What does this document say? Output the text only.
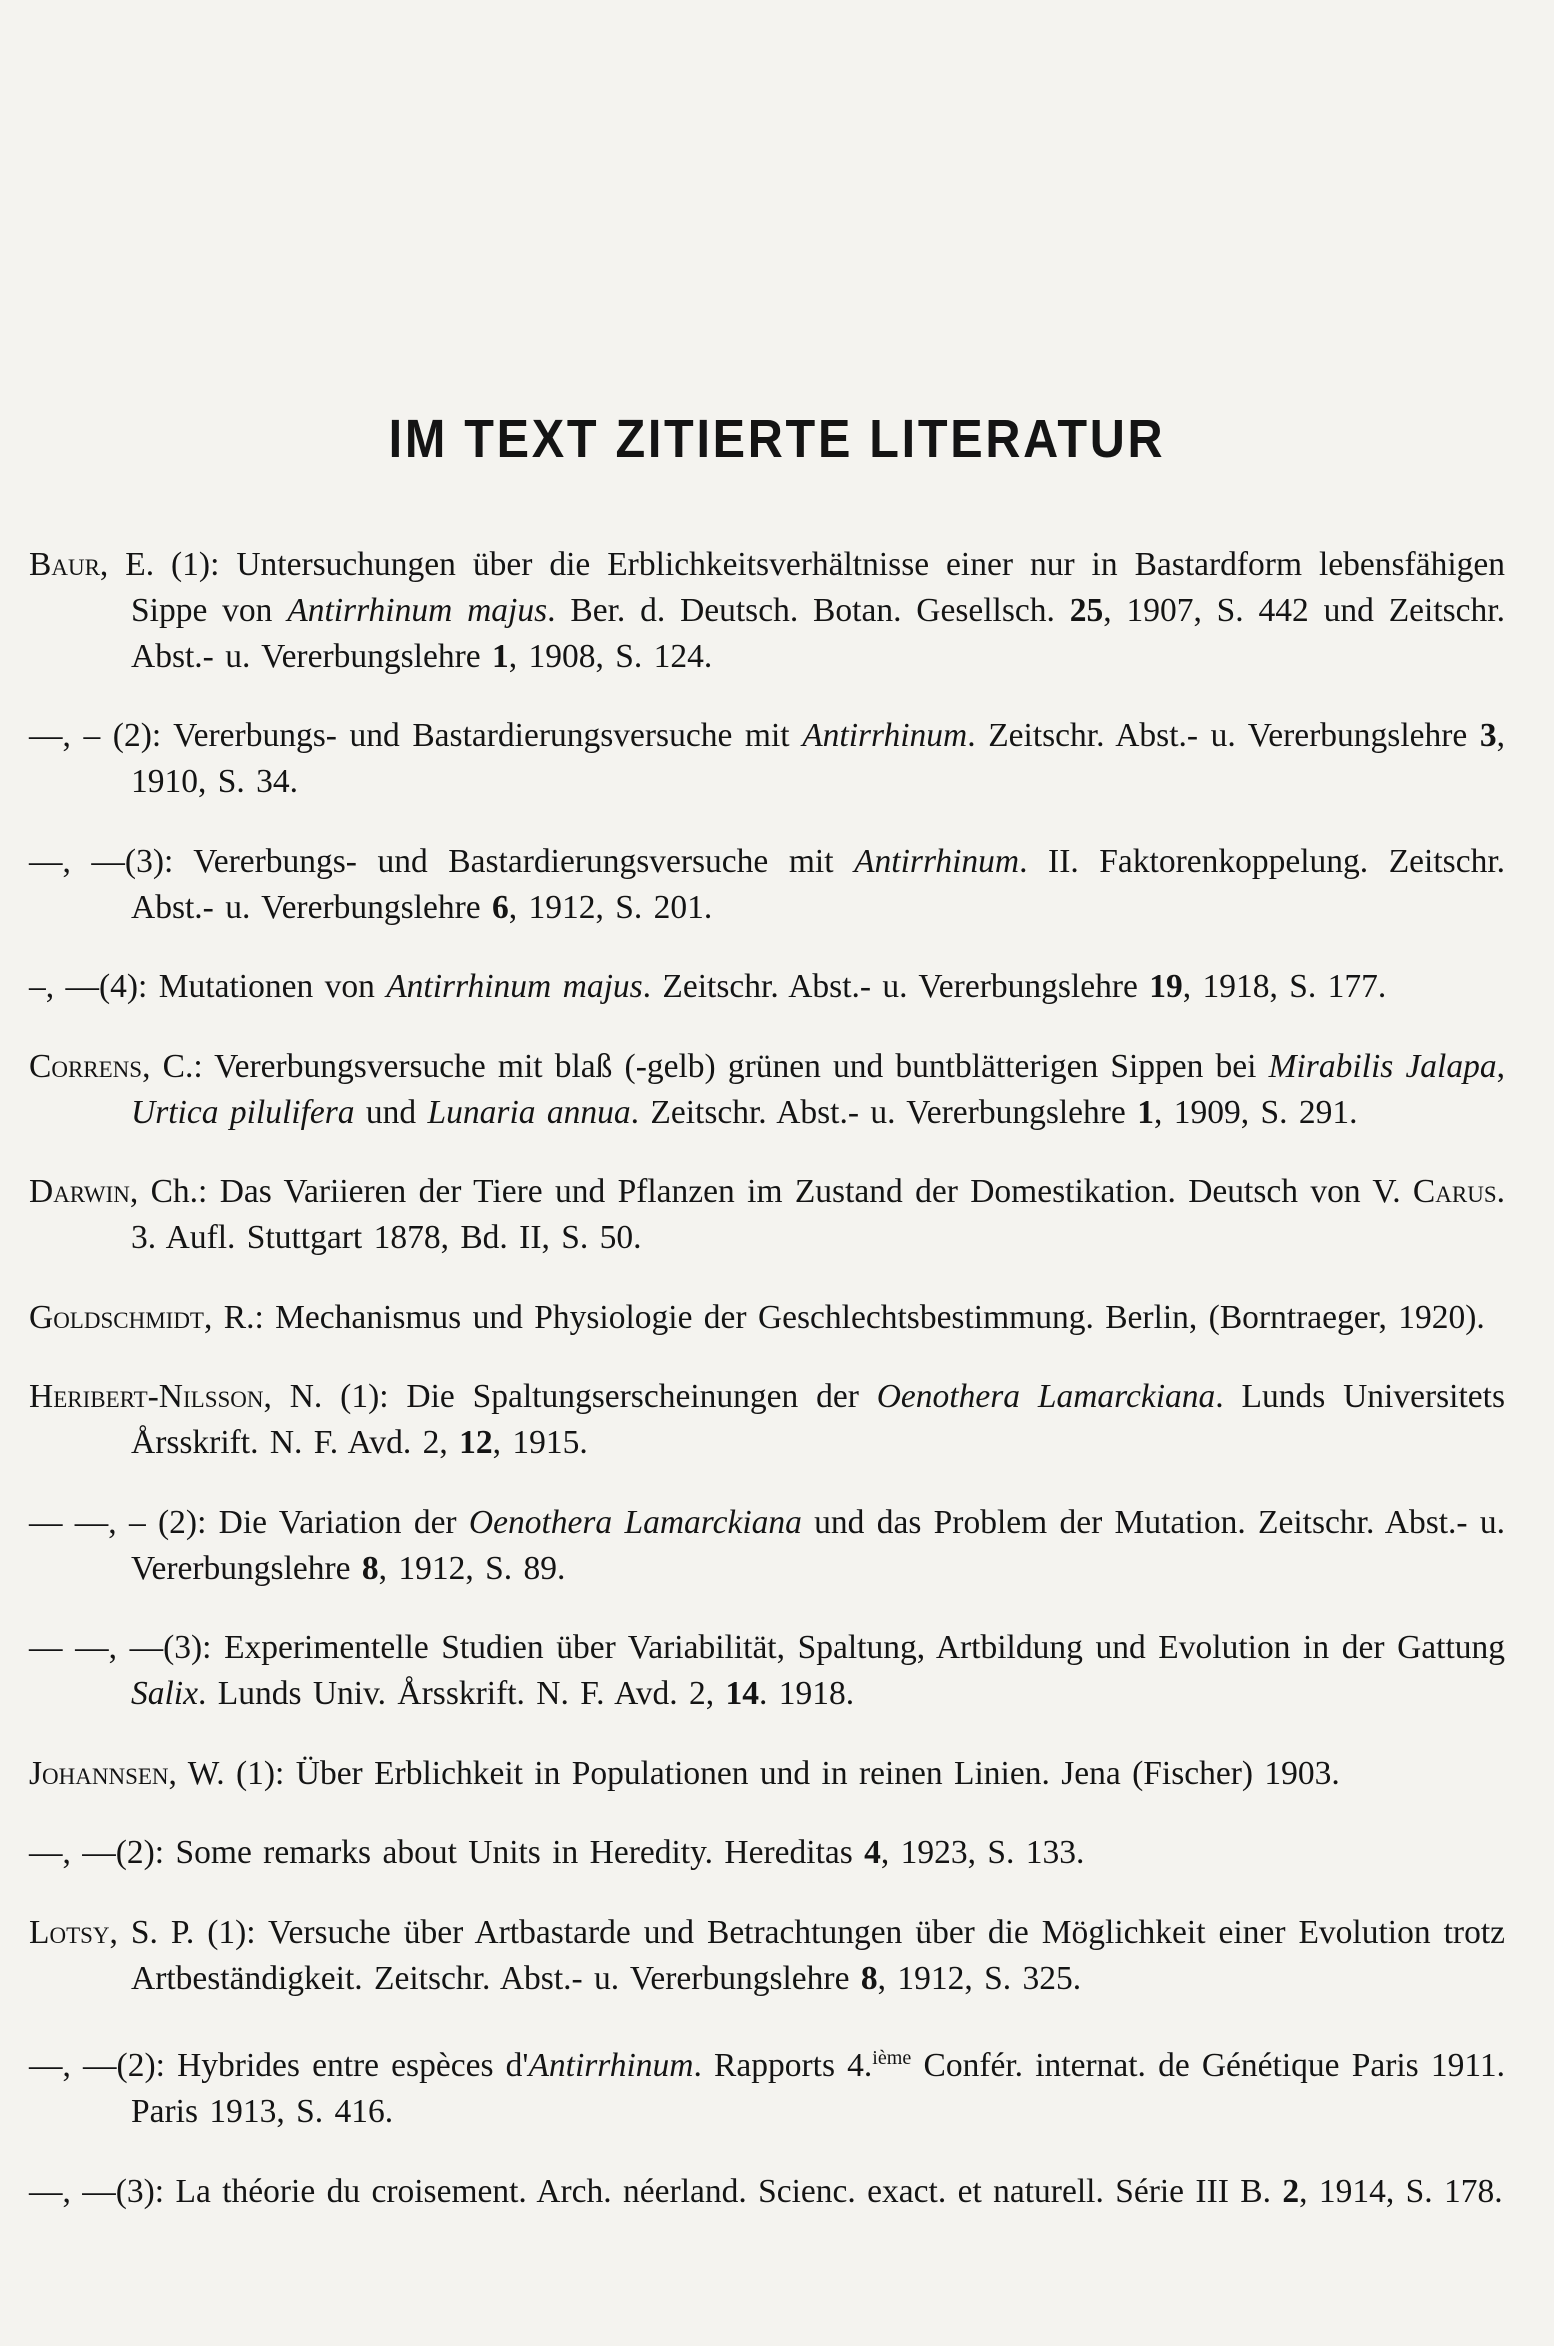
IM TEXT ZITIERTE LITERATUR

Baur, E. (1): Untersuchungen über die Erblichkeitsverhältnisse einer nur in Bastardform lebensfähigen Sippe von Antirrhinum majus. Ber. d. Deutsch. Botan. Gesellsch. 25, 1907, S. 442 und Zeitschr. Abst.- u. Vererbungslehre 1, 1908, S. 124.

—, – (2): Vererbungs- und Bastardierungsversuche mit Antirrhinum. Zeitschr. Abst.- u. Vererbungslehre 3, 1910, S. 34.

—, —(3): Vererbungs- und Bastardierungsversuche mit Antirrhinum. II. Faktorenkoppelung. Zeitschr. Abst.- u. Vererbungslehre 6, 1912, S. 201.

–, —(4): Mutationen von Antirrhinum majus. Zeitschr. Abst.- u. Vererbungslehre 19, 1918, S. 177.

Correns, C.: Vererbungsversuche mit blaß (-gelb) grünen und buntblätterigen Sippen bei Mirabilis Jalapa, Urtica pilulifera und Lunaria annua. Zeitschr. Abst.- u. Vererbungslehre 1, 1909, S. 291.

Darwin, Ch.: Das Variieren der Tiere und Pflanzen im Zustand der Domestikation. Deutsch von V. Carus. 3. Aufl. Stuttgart 1878, Bd. II, S. 50.

Goldschmidt, R.: Mechanismus und Physiologie der Geschlechtsbestimmung. Berlin, (Borntraeger, 1920).

Heribert-Nilsson, N. (1): Die Spaltungserscheinungen der Oenothera Lamarckiana. Lunds Universitets Årsskrift. N. F. Avd. 2, 12, 1915.

— —, – (2): Die Variation der Oenothera Lamarckiana und das Problem der Mutation. Zeitschr. Abst.- u. Vererbungslehre 8, 1912, S. 89.

— —, —(3): Experimentelle Studien über Variabilität, Spaltung, Artbildung und Evolution in der Gattung Salix. Lunds Univ. Årsskrift. N. F. Avd. 2, 14. 1918.

Johannsen, W. (1): Über Erblichkeit in Populationen und in reinen Linien. Jena (Fischer) 1903.

—, —(2): Some remarks about Units in Heredity. Hereditas 4, 1923, S. 133.

Lotsy, S. P. (1): Versuche über Artbastarde und Betrachtungen über die Möglichkeit einer Evolution trotz Artbeständigkeit. Zeitschr. Abst.- u. Vererbungslehre 8, 1912, S. 325.

—, —(2): Hybrides entre espèces d'Antirrhinum. Rapports 4.$^{ième}$ Confér. internat. de Génétique Paris 1911. Paris 1913, S. 416.

—, —(3): La théorie du croisement. Arch. néerland. Scienc. exact. et naturell. Série III B. 2, 1914, S. 178.
